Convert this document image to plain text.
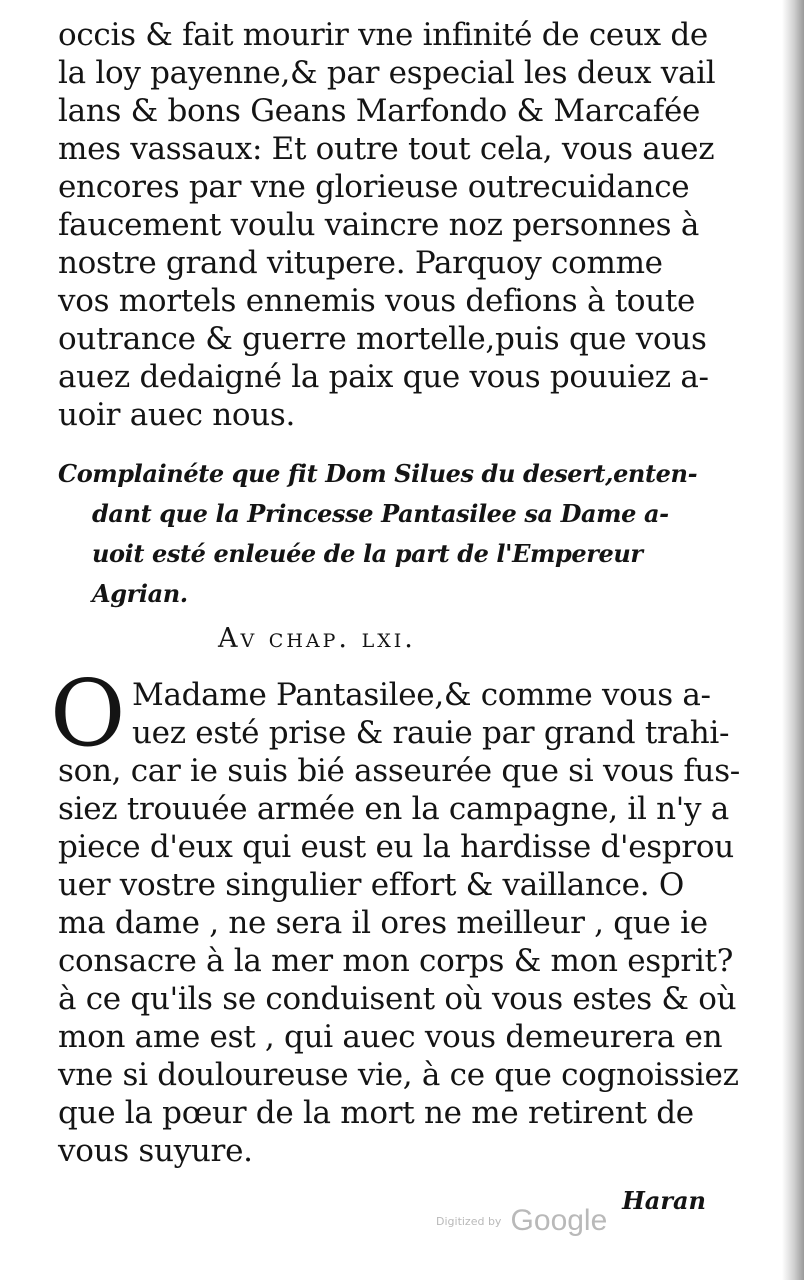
occis & fait mourir vne infinité de ceux de
la loy payenne,& par especial les deux vail
lans & bons Geans Marfondo & Marcafée
mes vassaux: Et outre tout cela, vous auez
encores par vne glorieuse outrecuidance
faucement voulu vaincre noz personnes à
nostre grand vitupere. Parquoy comme
vos mortels ennemis vous defions à toute
outrance & guerre mortelle,puis que vous
auez dedaigné la paix que vous pouuiez a-
uoir auec nous.
Complainéte que fit Dom Silues du desert,enten-
dant que la Princesse Pantasilee sa Dame a-
uoit esté enleuée de la part de l'Empereur
Agrian.
Av chap. lxi.
O Madame Pantasilee,& comme vous a-
uez esté prise & rauie par grand trahi-
son, car ie suis bié asseurée que si vous fus-
siez trouuée armée en la campagne, il n'y a
piece d'eux qui eust eu la hardisse d'esprou
uer vostre singulier effort & vaillance. O
ma dame , ne sera il ores meilleur , que ie
consacre à la mer mon corps & mon esprit?
à ce qu'ils se conduisent où vous estes & où
mon ame est , qui auec vous demeurera en
vne si douloureuse vie, à ce que cognoissiez
que la pœur de la mort ne me retirent de
vous suyure.
Haran
Digitized by Google
